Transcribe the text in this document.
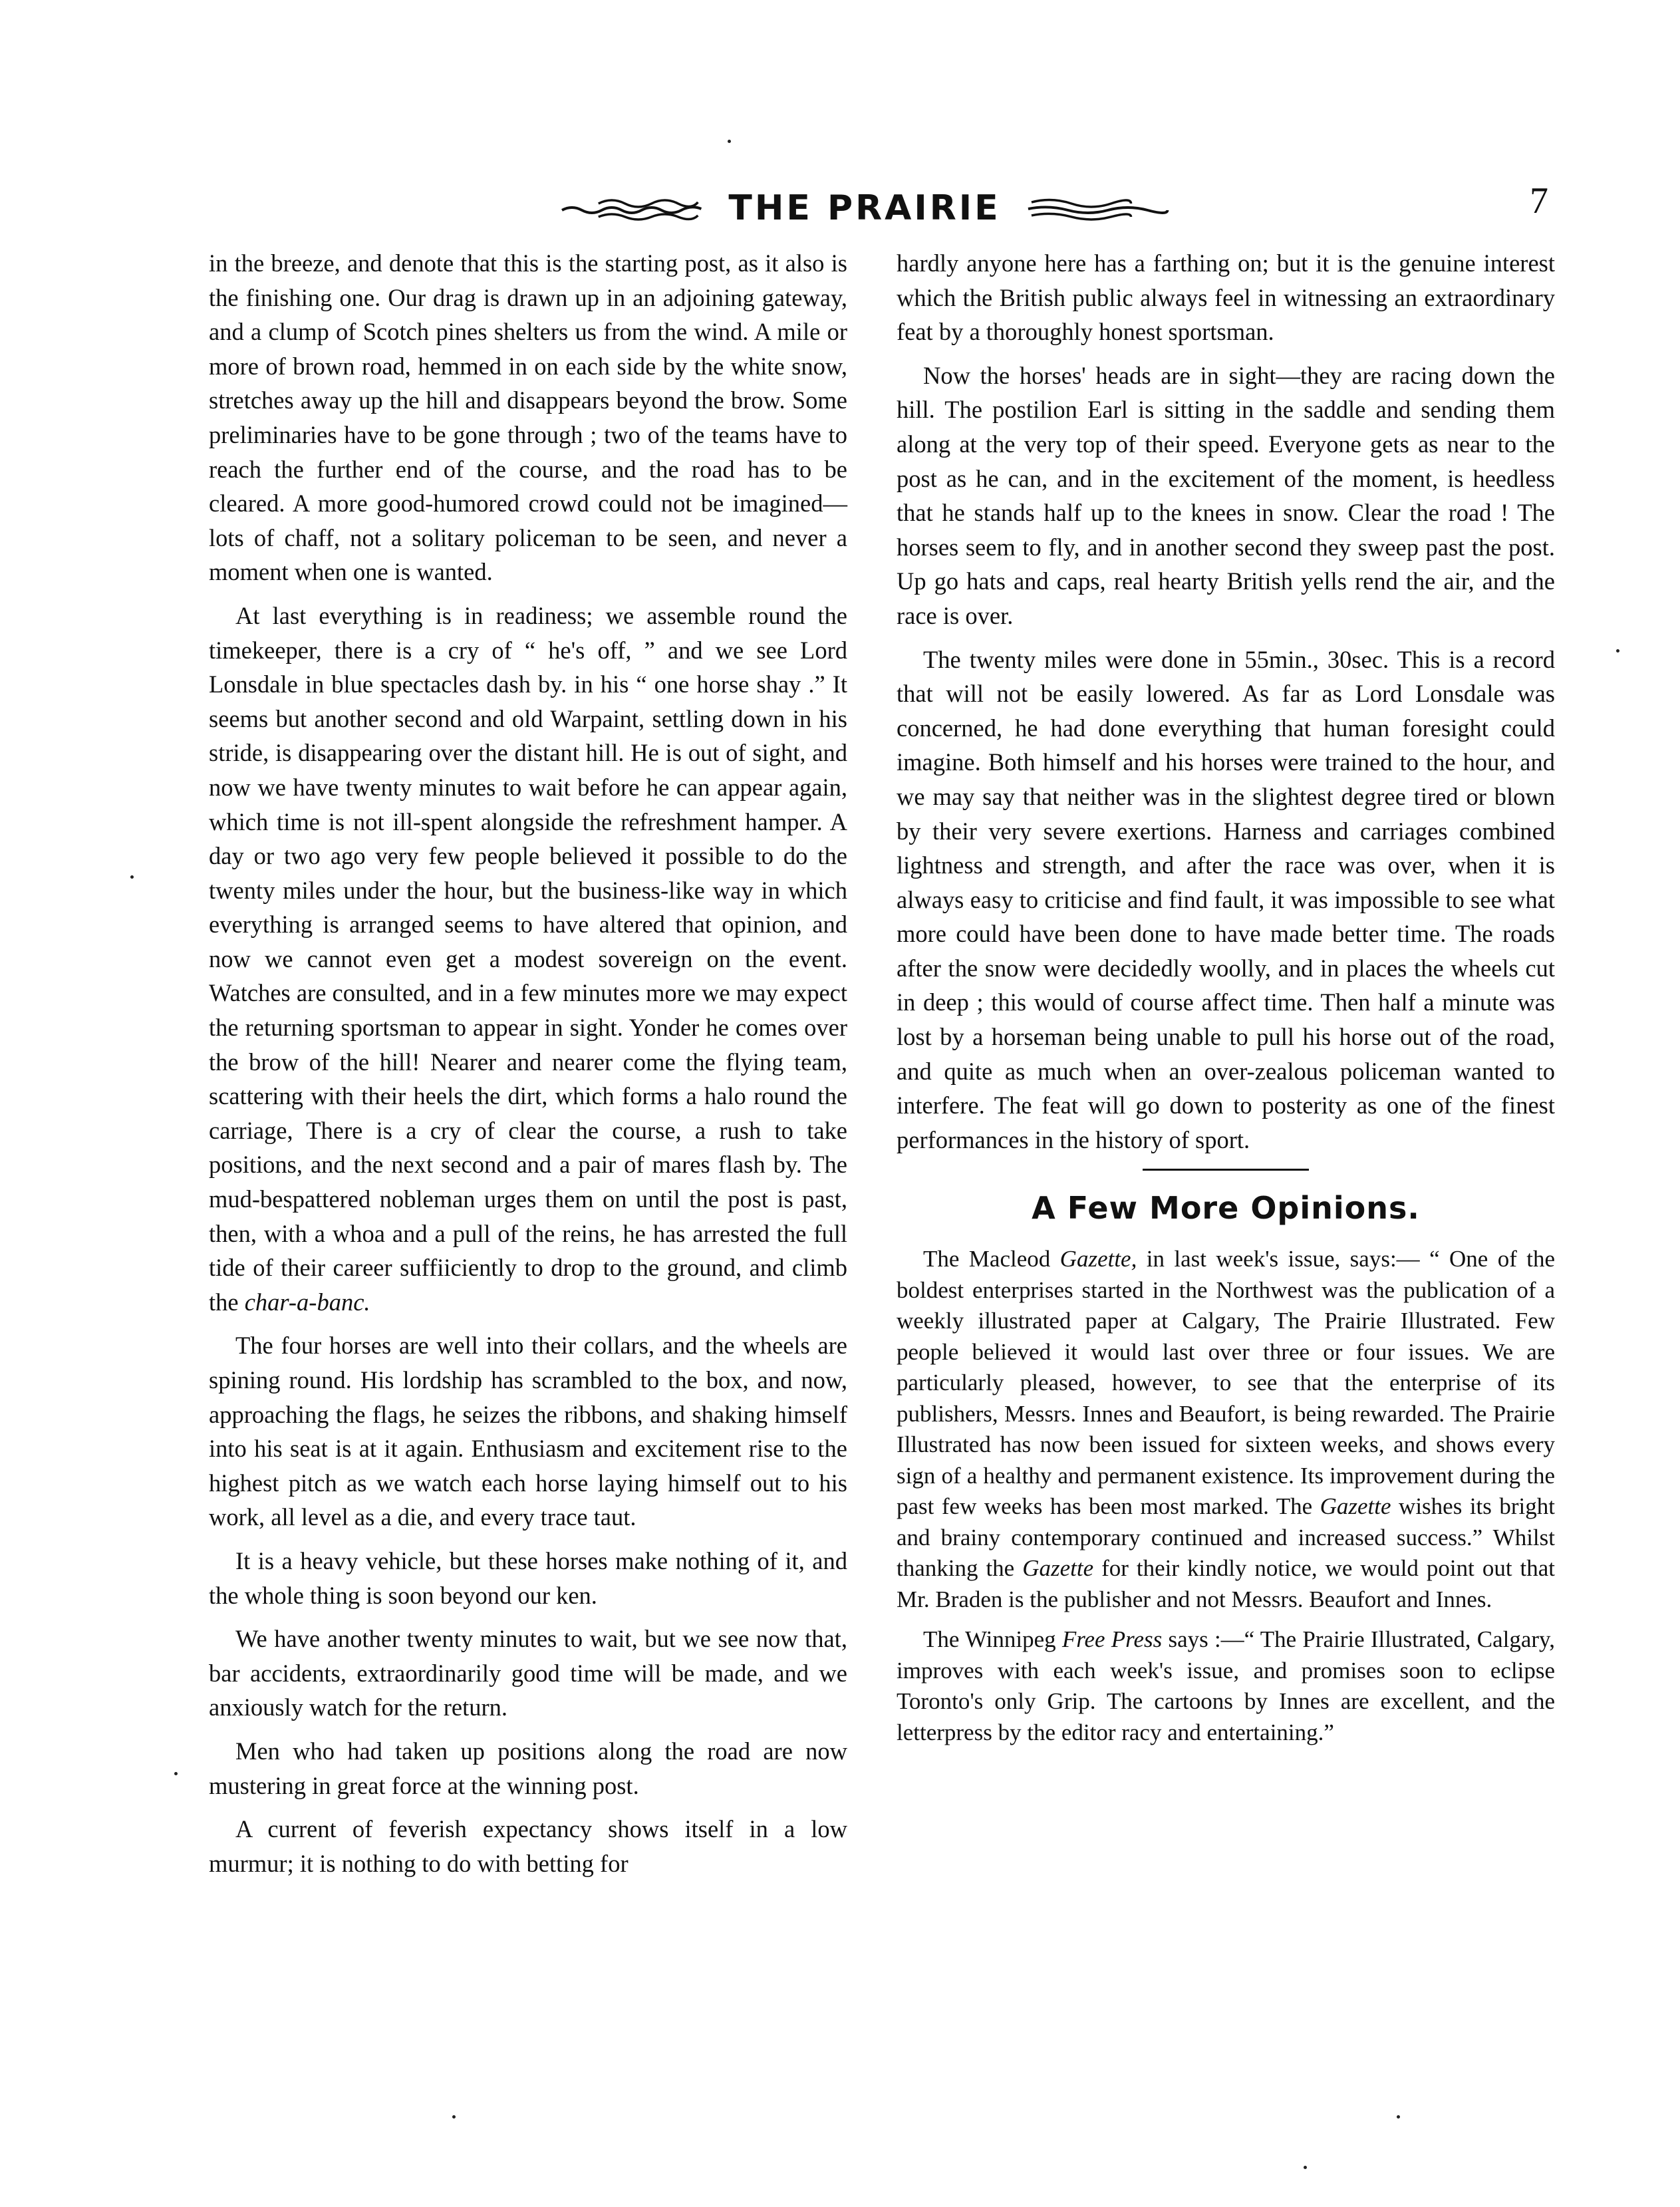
THE PRAIRIE	7

in the breeze, and denote that this is the starting post, as it also is the finishing one. Our drag is drawn up in an adjoining gateway, and a clump of Scotch pines shelters us from the wind. A mile or more of brown road, hemmed in on each side by the white snow, stretches away up the hill and disappears beyond the brow. Some preliminaries have to be gone through ; two of the teams have to reach the further end of the course, and the road has to be cleared. A more good-humored crowd could not be imagined—lots of chaff, not a solitary policeman to be seen, and never a moment when one is wanted.

At last everything is in readiness; we assemble round the timekeeper, there is a cry of “ he's off, ” and we see Lord Lonsdale in blue spectacles dash by. in his “ one horse shay .” It seems but another second and old Warpaint, settling down in his stride, is disappearing over the distant hill. He is out of sight, and now we have twenty minutes to wait before he can appear again, which time is not ill-spent alongside the refreshment hamper. A day or two ago very few people believed it possible to do the twenty miles under the hour, but the business-like way in which everything is arranged seems to have altered that opinion, and now we cannot even get a modest sovereign on the event. Watches are consulted, and in a few minutes more we may expect the returning sportsman to appear in sight. Yonder he comes over the brow of the hill! Nearer and nearer come the flying team, scattering with their heels the dirt, which forms a halo round the carriage, There is a cry of clear the course, a rush to take positions, and the next second and a pair of mares flash by. The mud-bespattered nobleman urges them on until the post is past, then, with a whoa and a pull of the reins, he has arrested the full tide of their career suffiiciently to drop to the ground, and climb the char-a-banc.

The four horses are well into their collars, and the wheels are spining round. His lordship has scrambled to the box, and now, approaching the flags, he seizes the ribbons, and shaking himself into his seat is at it again. Enthusiasm and excitement rise to the highest pitch as we watch each horse laying himself out to his work, all level as a die, and every trace taut.

It is a heavy vehicle, but these horses make nothing of it, and the whole thing is soon beyond our ken.

We have another twenty minutes to wait, but we see now that, bar accidents, extraordinarily good time will be made, and we anxiously watch for the return.

Men who had taken up positions along the road are now mustering in great force at the winning post.

A current of feverish expectancy shows itself in a low murmur; it is nothing to do with betting for

hardly anyone here has a farthing on; but it is the genuine interest which the British public always feel in witnessing an extraordinary feat by a thoroughly honest sportsman.

Now the horses' heads are in sight—they are racing down the hill. The postilion Earl is sitting in the saddle and sending them along at the very top of their speed. Everyone gets as near to the post as he can, and in the excitement of the moment, is heedless that he stands half up to the knees in snow. Clear the road ! The horses seem to fly, and in another second they sweep past the post. Up go hats and caps, real hearty British yells rend the air, and the race is over.

The twenty miles were done in 55min., 30sec. This is a record that will not be easily lowered. As far as Lord Lonsdale was concerned, he had done everything that human foresight could imagine. Both himself and his horses were trained to the hour, and we may say that neither was in the slightest degree tired or blown by their very severe exertions. Harness and carriages combined lightness and strength, and after the race was over, when it is always easy to criticise and find fault, it was impossible to see what more could have been done to have made better time. The roads after the snow were decidedly woolly, and in places the wheels cut in deep ; this would of course affect time. Then half a minute was lost by a horseman being unable to pull his horse out of the road, and quite as much when an over-zealous policeman wanted to interfere. The feat will go down to posterity as one of the finest performances in the history of sport.

A Few More Opinions.

The Macleod Gazette, in last week's issue, says:— “ One of the boldest enterprises started in the Northwest was the publication of a weekly illustrated paper at Calgary, The Prairie Illustrated. Few people believed it would last over three or four issues. We are particularly pleased, however, to see that the enterprise of its publishers, Messrs. Innes and Beaufort, is being rewarded. The Prairie Illustrated has now been issued for sixteen weeks, and shows every sign of a healthy and permanent existence. Its improvement during the past few weeks has been most marked. The Gazette wishes its bright and brainy contemporary continued and increased success.” Whilst thanking the Gazette for their kindly notice, we would point out that Mr. Braden is the publisher and not Messrs. Beaufort and Innes.

The Winnipeg Free Press says :—“ The Prairie Illustrated, Calgary, improves with each week's issue, and promises soon to eclipse Toronto's only Grip. The cartoons by Innes are excellent, and the letterpress by the editor racy and entertaining.”
